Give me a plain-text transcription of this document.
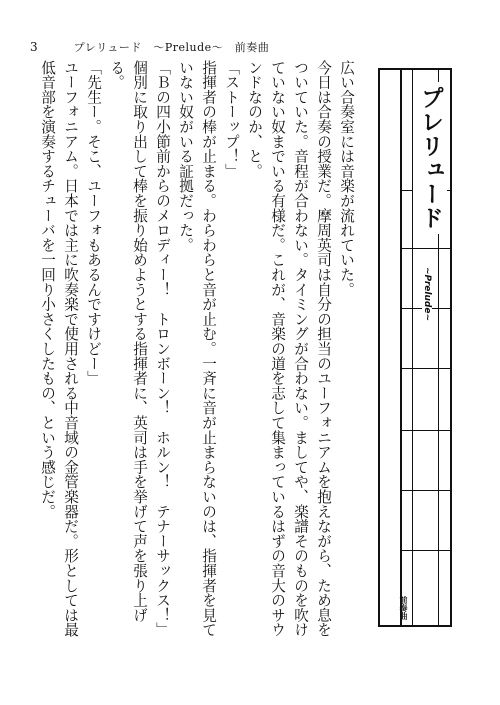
3	プレリュード　～Prelude～　前奏曲
プレリュード
~Prelude~
前奏曲

広い合奏室には音楽が流れていた。

今日は合奏の授業だ。摩周英司は自分の担当のユーフォニアムを抱えながら、ため息をついていた。音程が合わない。タイミングが合わない。ましてや、楽譜そのものを吹けていない奴までいる有様だ。これが、音楽の道を志して集まっているはずの音大のサウンドなのか、と。

「ストーップ！」

指揮者の棒が止まる。わらわらと音が止む。一斉に音が止まらないのは、指揮者を見ていない奴がいる証拠だった。

「Ｂの四小節前からのメロディー！　トロンボーン！　ホルン！　テナーサックス！」

個別に取り出して棒を振り始めようとする指揮者に、英司は手を挙げて声を張り上げる。

「先生ー。そこ、ユーフォもあるんですけどー」

ユーフォニアム。日本では主に吹奏楽で使用される中音域の金管楽器だ。形としては最低音部を演奏するチューバを一回り小さくしたもの、という感じだ。
